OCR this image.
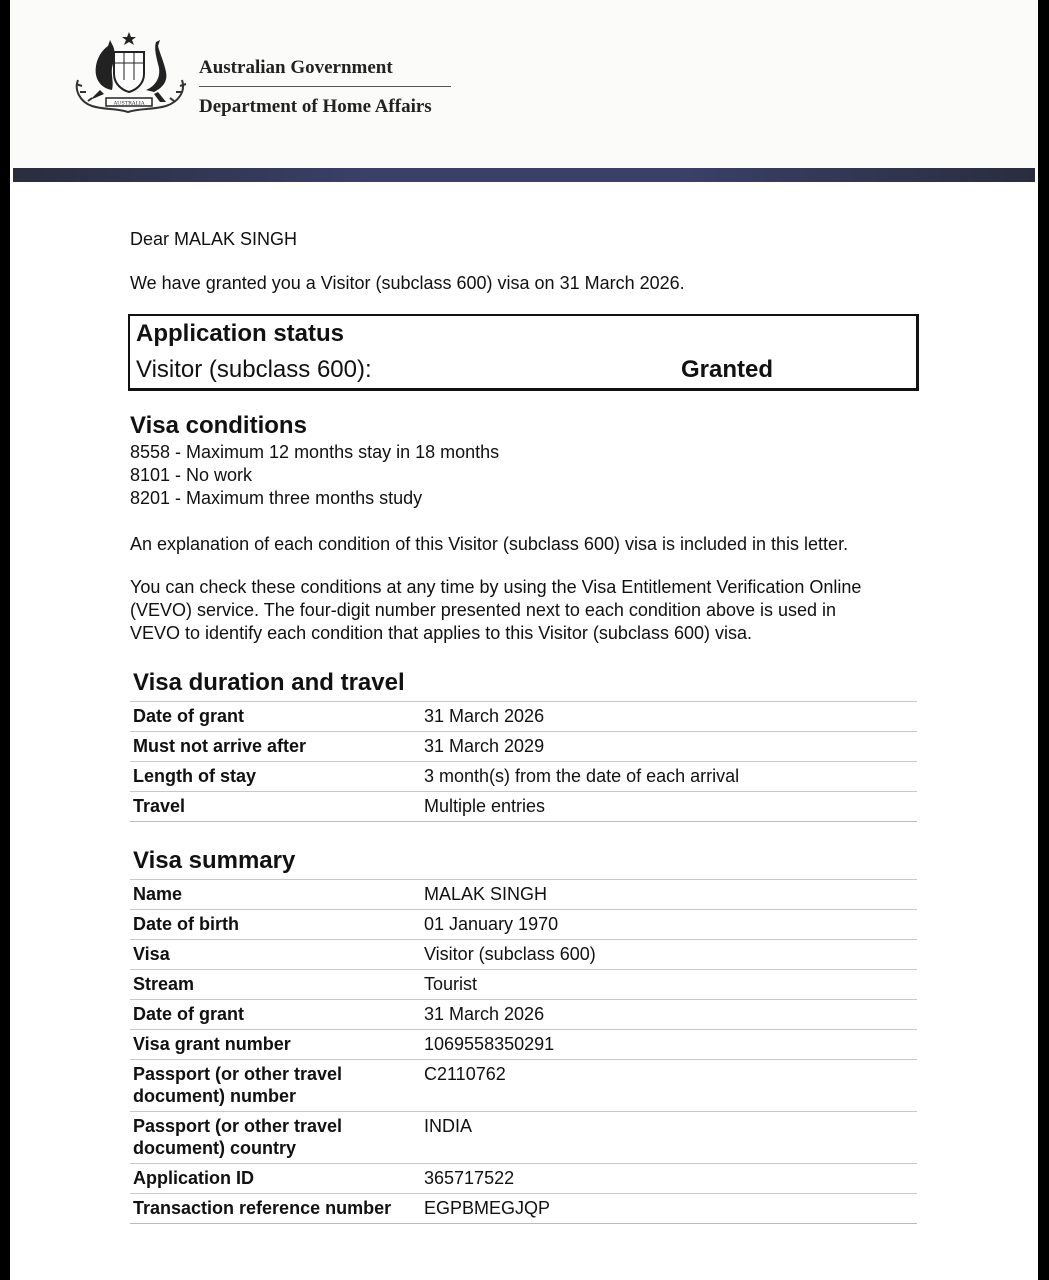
AUSTRALIA
Australian Government
Department of Home Affairs
Dear MALAK SINGH
We have granted you a Visitor (subclass 600) visa on 31 March 2026.
Application status
Visitor (subclass 600):	Granted
Visa conditions
8558 - Maximum 12 months stay in 18 months
8101 - No work
8201 - Maximum three months study
An explanation of each condition of this Visitor (subclass 600) visa is included in this letter.
You can check these conditions at any time by using the Visa Entitlement Verification Online
(VEVO) service. The four-digit number presented next to each condition above is used in
VEVO to identify each condition that applies to this Visitor (subclass 600) visa.
Visa duration and travel
Date of grant	31 March 2026
Must not arrive after	31 March 2029
Length of stay	3 month(s) from the date of each arrival
Travel	Multiple entries
Visa summary
Name	MALAK SINGH
Date of birth	01 January 1970
Visa	Visitor (subclass 600)
Stream	Tourist
Date of grant	31 March 2026
Visa grant number	1069558350291
Passport (or other travel document) number	C2110762
Passport (or other travel document) country	INDIA
Application ID	365717522
Transaction reference number	EGPBMEGJQP
